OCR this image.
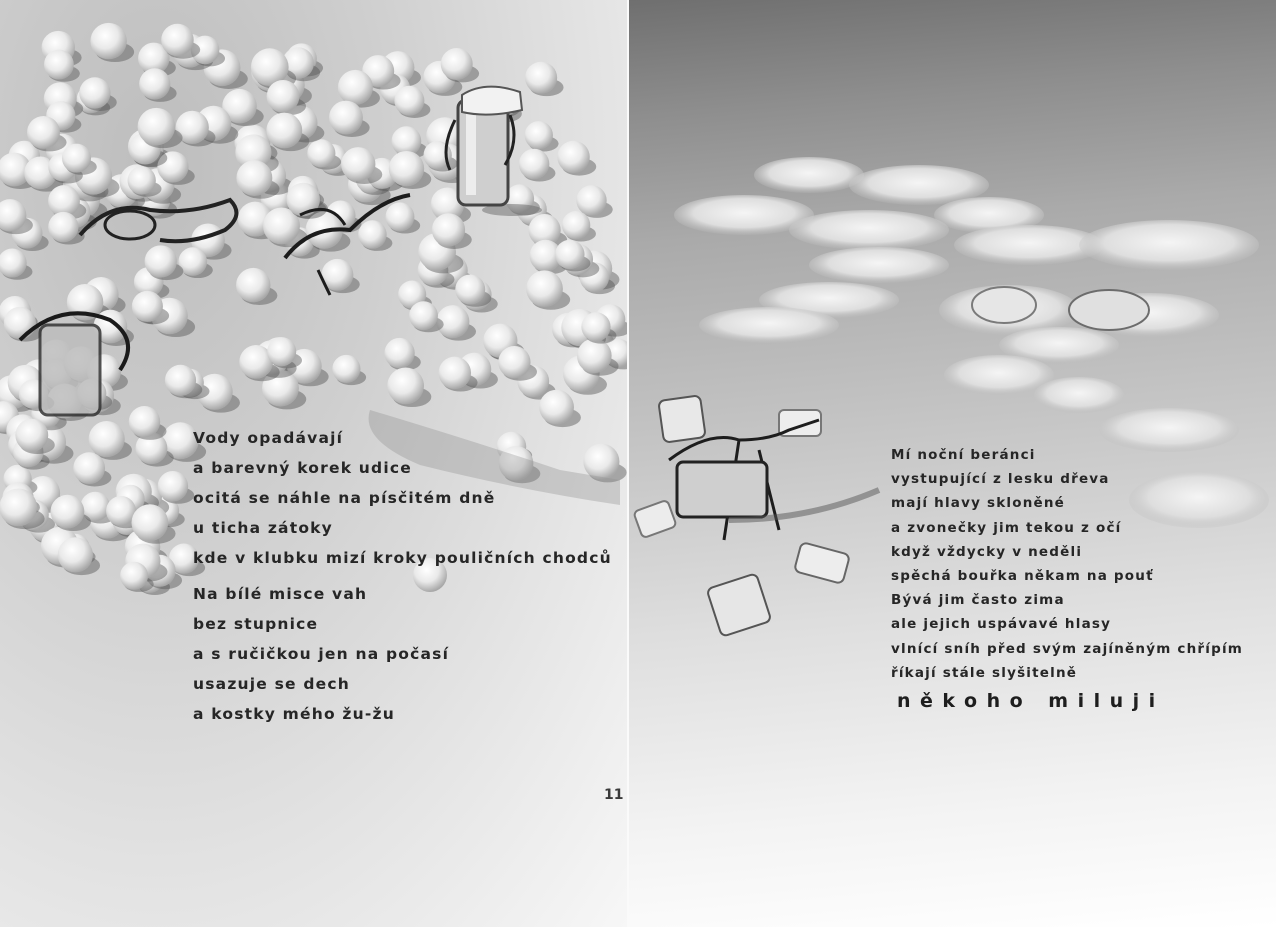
Vody opadávají
a barevný korek udice
ocitá se náhle na písčitém dně
u ticha zátoky
kde v klubku mizí kroky pouličních chodců
Na bílé misce vah
bez stupnice
a s ručičkou jen na počasí
usazuje se dech
a kostky mého žu-žu
11
Mí noční beránci
vystupující z lesku dřeva
mají hlavy skloněné
a zvonečky jim tekou z očí
když vždycky v neděli
spěchá bouřka někam na pouť
Bývá jim často zima
ale jejich uspávavé hlasy
vlnící sníh před svým zajíněným chřípím
říkají stále slyšitelně
někoho miluji
